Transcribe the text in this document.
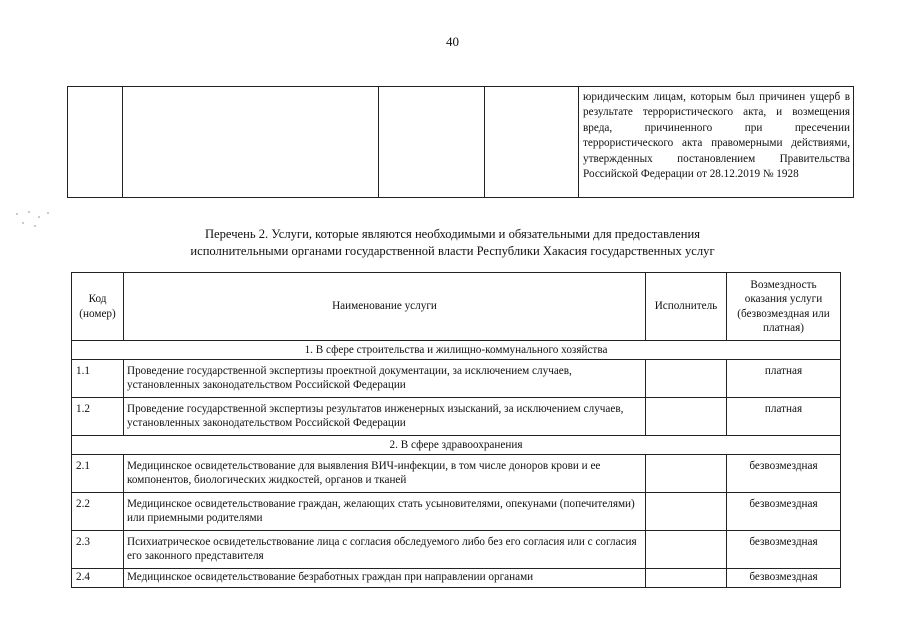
40

юридическим лицам, которым был причинен ущерб в результате террористического акта, и возмещения вреда, причиненного при пресечении террористического акта правомерными действиями, утвержденных постановлением Правительства Российской Федерации от 28.12.2019 № 1928
Перечень 2. Услуги, которые являются необходимыми и обязательными для предоставления
исполнительными органами государственной власти Республики Хакасия государственных услуг
Код (номер)	Наименование услуги	Исполнитель	Возмездность оказания услуги (безвозмездная или платная)
1. В сфере строительства и жилищно-коммунального хозяйства			
1.1	Проведение государственной экспертизы проектной документации, за исключением случаев, установленных законодательством Российской Федерации		платная
1.2	Проведение государственной экспертизы результатов инженерных изысканий, за исключением случаев, установленных законодательством Российской Федерации		платная
2. В сфере здравоохранения			
2.1	Медицинское освидетельствование для выявления ВИЧ-инфекции, в том числе доноров крови и ее компонентов, биологических жидкостей, органов и тканей		безвозмездная
2.2	Медицинское освидетельствование граждан, желающих стать усыновителями, опекунами (попечителями) или приемными родителями		безвозмездная
2.3	Психиатрическое освидетельствование лица с согласия обследуемого либо без его согласия или с согласия его законного представителя		безвозмездная
2.4	Медицинское освидетельствование безработных граждан при направлении органами		безвозмездная
